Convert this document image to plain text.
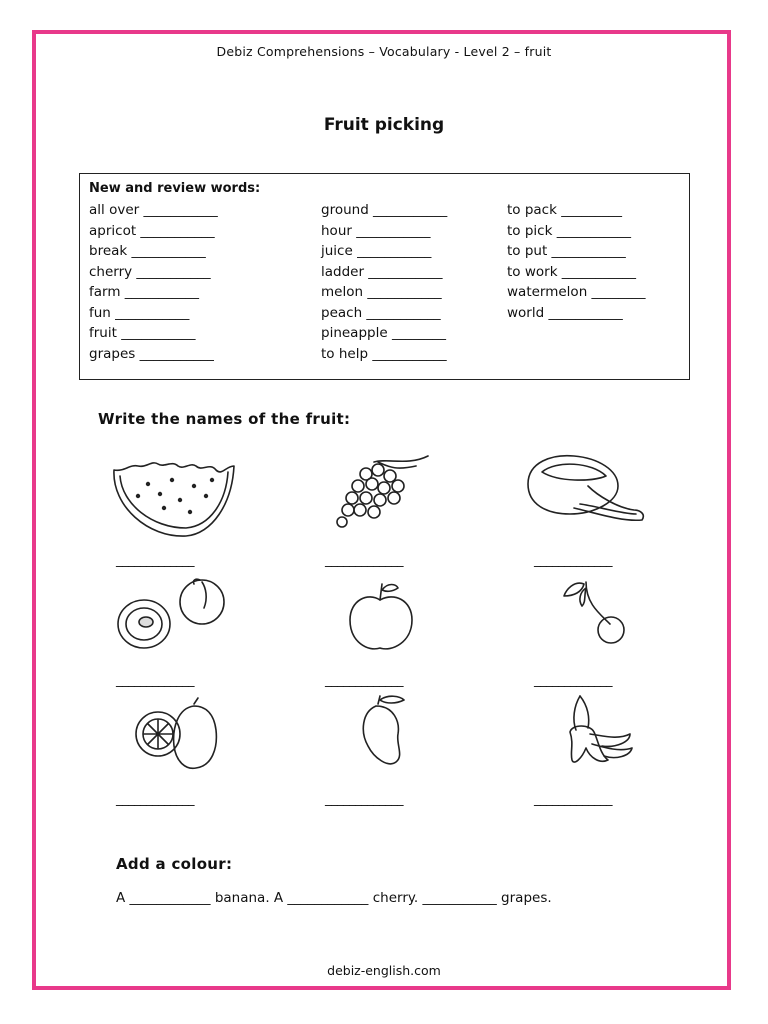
Debiz Comprehensions – Vocabulary - Level 2 – fruit
Fruit picking
New and review words:
all over ___________
apricot ___________
break ___________
cherry ___________
farm ___________
fun ___________
fruit ___________
grapes ___________
ground ___________
hour ___________
juice ___________
ladder ___________
melon ___________
peach ___________
pineapple ________
to help ___________
to pack _________
to pick ___________
to put ___________
to work ___________
watermelon ________
world ___________
Write the names of the fruit:
_____________	_____________	_____________
_____________	_____________	_____________
_____________	_____________	_____________
Add a colour:
A ____________ banana. A ____________ cherry. ___________ grapes.
debiz-english.com
